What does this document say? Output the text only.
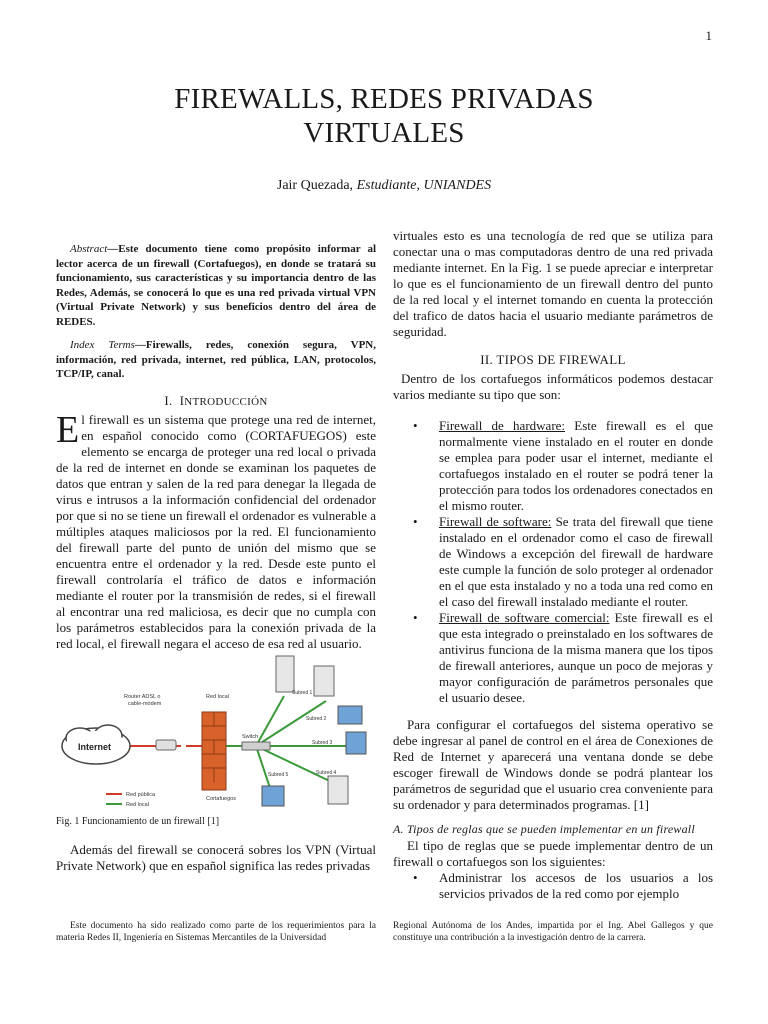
1
FIREWALLS, REDES PRIVADAS
VIRTUALES
Jair Quezada, Estudiante, UNIANDES
Abstract—Este documento tiene como propósito informar al lector acerca de un firewall (Cortafuegos), en donde se tratará su funcionamiento, sus características y su importancia dentro de las Redes, Además, se conocerá lo que es una red privada virtual VPN (Virtual Private Network) y sus beneficios dentro del área de REDES.
Index Terms—Firewalls, redes, conexión segura, VPN, información, red privada, internet, red pública, LAN, protocolos, TCP/IP, canal.
I. INTRODUCCIÓN
El firewall es un sistema que protege una red de internet, en español conocido como (CORTAFUEGOS) este elemento se encarga de proteger una red local o privada de la red de internet en donde se examinan los paquetes de datos que entran y salen de la red para denegar la llegada de virus e intrusos a la información confidencial del ordenador por que si no se tiene un firewall el ordenador es vulnerable a múltiples ataques maliciosos por la red. El funcionamiento del firewall parte del punto de unión del mismo que se encuentra entre el ordenador y la red. Desde este punto el firewall controlaría el tráfico de datos e información mediante el router por la transmisión de redes, si el firewall al encontrar una red maliciosa, es decir que no cumpla con los parámetros establecidos para la conexión privada de la red local, el firewall negara el acceso de esa red al usuario.
Internet
Router ADSL o
cable-módem
Cortafuegos
Red local
Switch
Subred 1
Subred 2
Subred 3
Subred 4
Subred 5
Red pública
Red local
Fig. 1 Funcionamiento de un firewall [1]
Además del firewall se conocerá sobres los VPN (Virtual Private Network) que en español significa las redes privadas
Este documento ha sido realizado como parte de los requerimientos para la materia Redes II, Ingeniería en Sistemas Mercantiles de la Universidad
virtuales esto es una tecnología de red que se utiliza para conectar una o mas computadoras dentro de una red privada mediante internet. En la Fig. 1 se puede apreciar e interpretar lo que es el funcionamiento de un firewall dentro del punto de la red local y el internet tomando en cuenta la protección del trafico de datos hacia el usuario mediante parámetros de seguridad.
II. TIPOS DE FIREWALL
Dentro de los cortafuegos informáticos podemos destacar varios mediante su tipo que son:
• Firewall de hardware: Este firewall es el que normalmente viene instalado en el router en donde se emplea para poder usar el internet, mediante el cortafuegos instalado en el router se podrá tener la protección para todos los ordenadores conectados en el mismo router.
• Firewall de software: Se trata del firewall que tiene instalado en el ordenador como el caso de firewall de Windows a excepción del firewall de hardware este cumple la función de solo proteger al ordenador en el que esta instalado y no a toda una red como en el caso del firewall instalado mediante el router.
• Firewall de software comercial: Este firewall es el que esta integrado o preinstalado en los softwares de antivirus funciona de la misma manera que los tipos de firewall anteriores, aunque un poco de mejoras y mayor configuración de parámetros personales que el usuario desee.
Para configurar el cortafuegos del sistema operativo se debe ingresar al panel de control en el área de Conexiones de Red de Internet y aparecerá una ventana donde se debe escoger firewall de Windows donde se podrá plantear los parámetros de seguridad que el usuario crea conveniente para su ordenador y para determinados programas. [1]
A. Tipos de reglas que se pueden implementar en un firewall
El tipo de reglas que se puede implementar dentro de un firewall o cortafuegos son los siguientes:
• Administrar los accesos de los usuarios a los servicios privados de la red como por ejemplo
Regional Autónoma de los Andes, impartida por el Ing. Abel Gallegos y que constituye una contribución a la investigación dentro de la carrera.
